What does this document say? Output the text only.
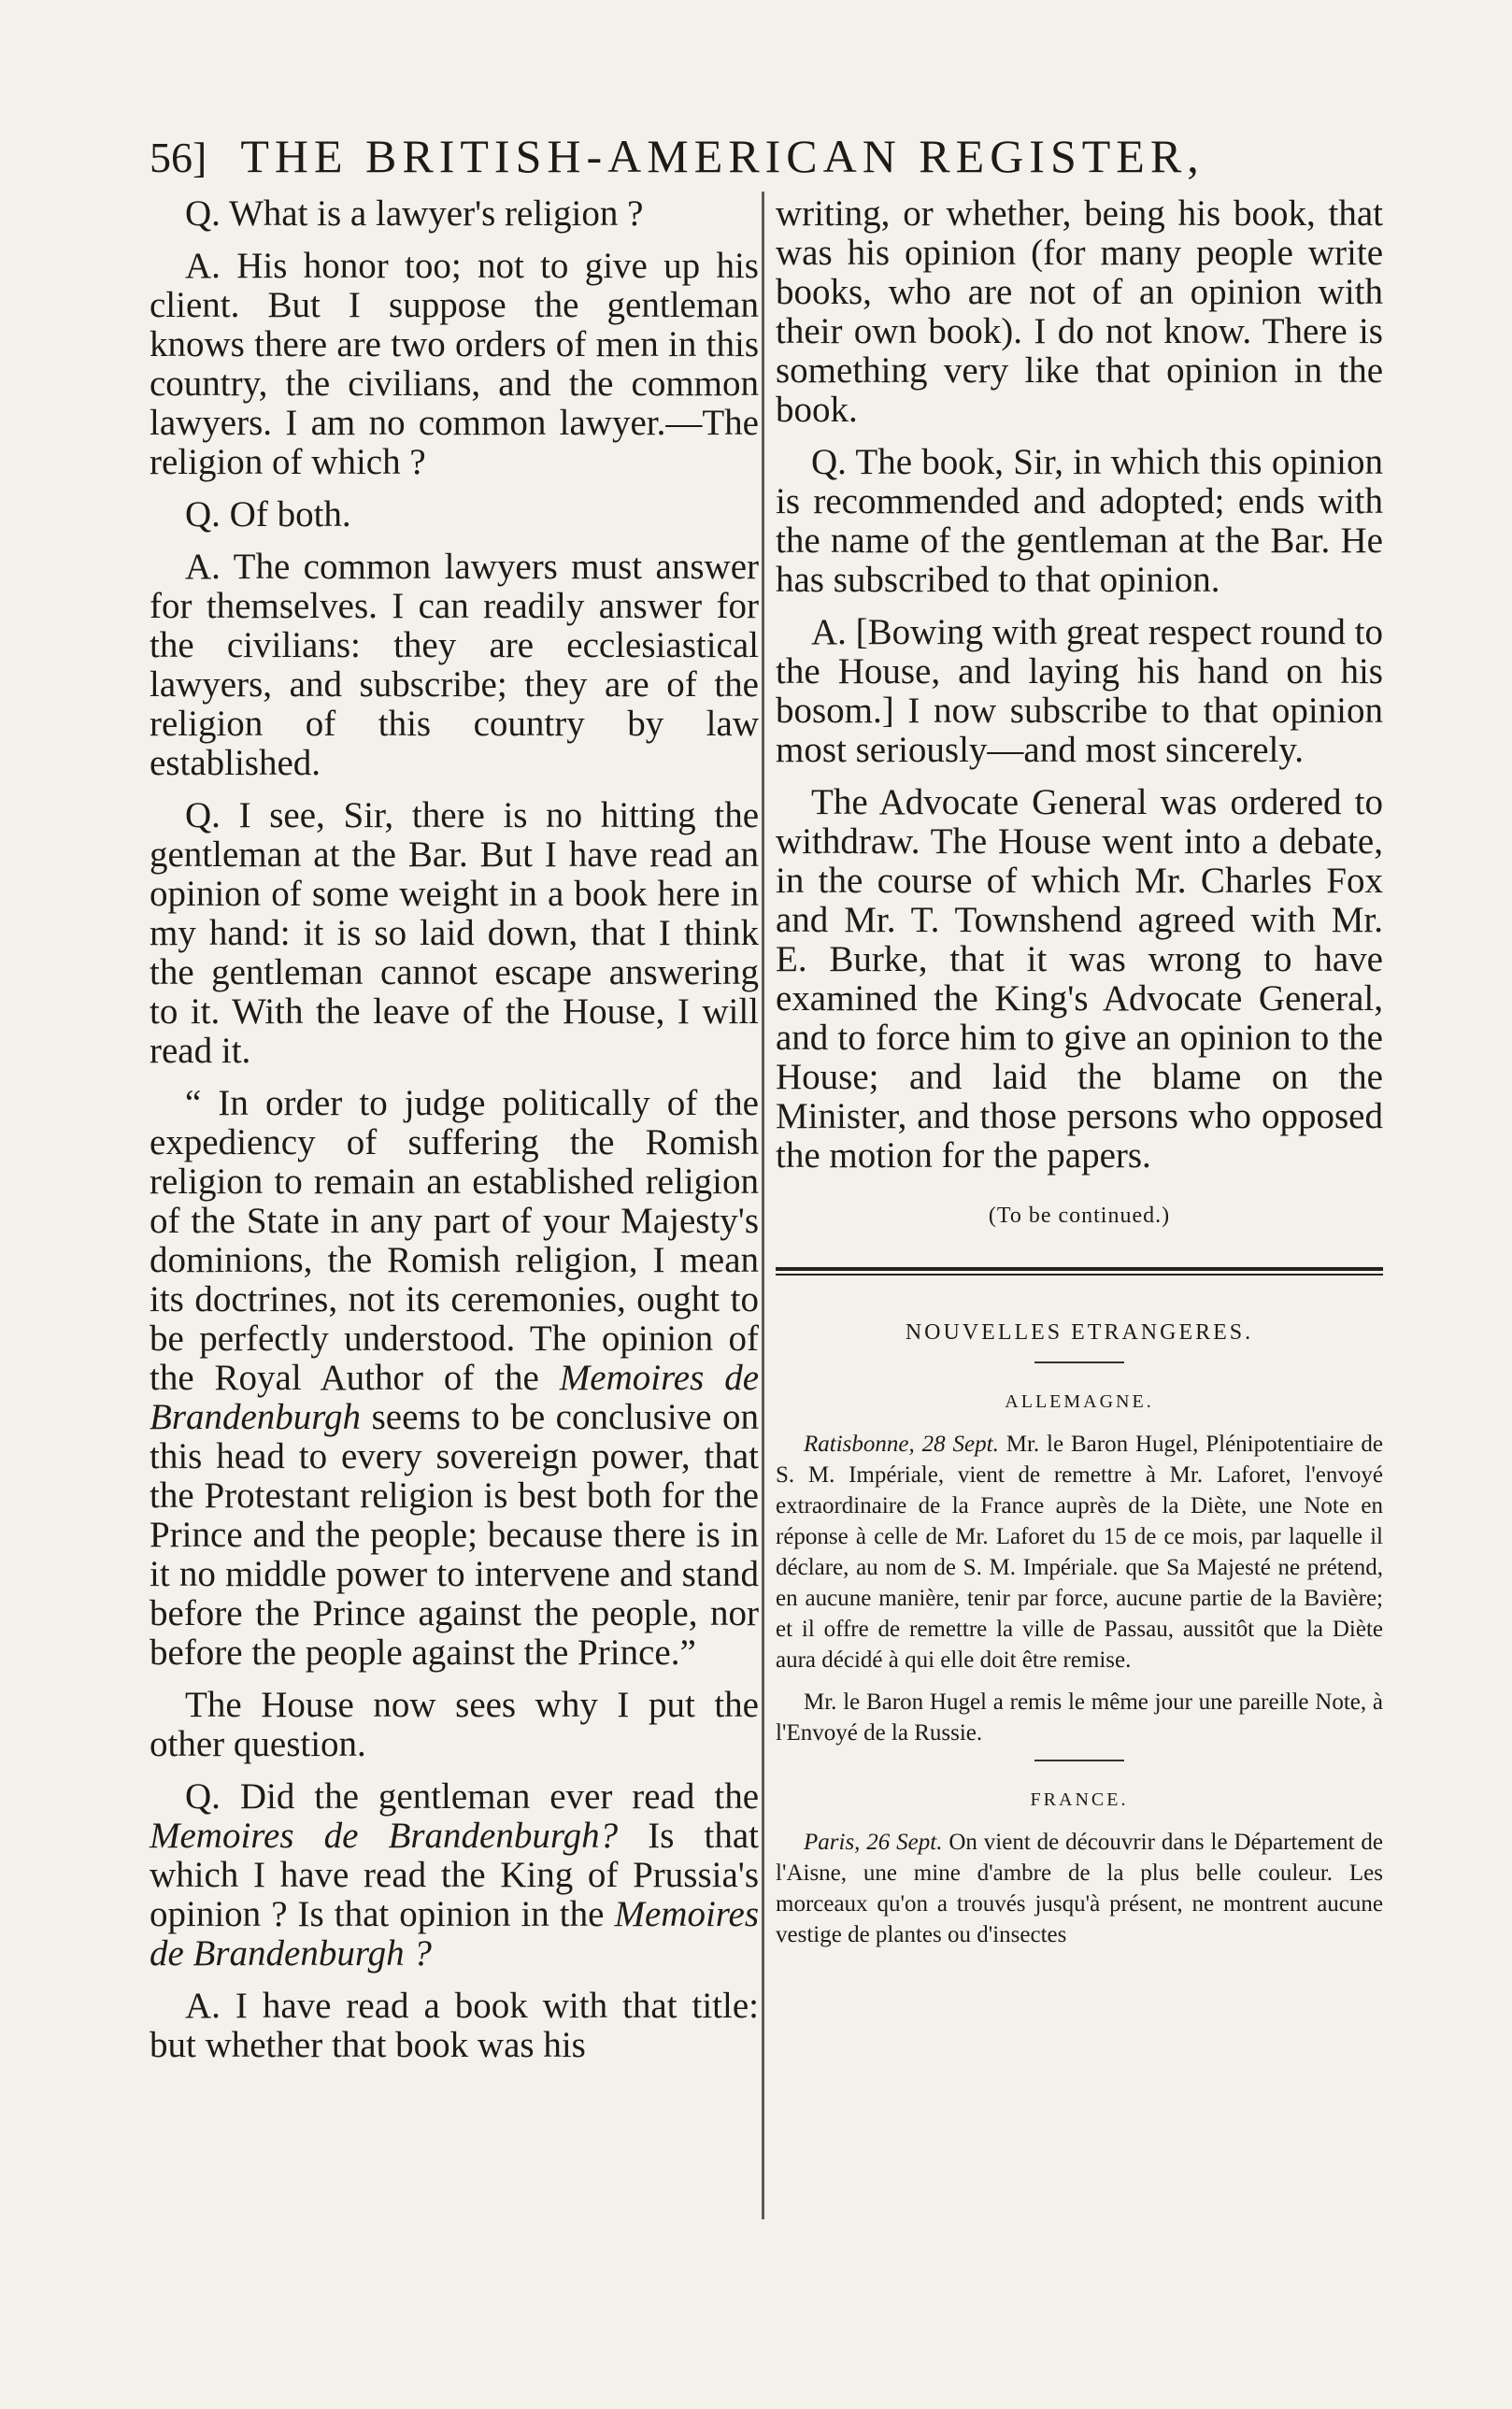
56] THE BRITISH-AMERICAN REGISTER,

Q. What is a lawyer's religion ?

A. His honor too; not to give up his client. But I suppose the gentleman knows there are two orders of men in this country, the civilians, and the common lawyers. I am no common lawyer.—The religion of which ?

Q. Of both.

A. The common lawyers must answer for themselves. I can readily answer for the civilians: they are ecclesiastical lawyers, and subscribe; they are of the religion of this country by law established.

Q. I see, Sir, there is no hitting the gentleman at the Bar. But I have read an opinion of some weight in a book here in my hand: it is so laid down, that I think the gentleman cannot escape answering to it. With the leave of the House, I will read it.

“ In order to judge politically of the expediency of suffering the Romish religion to remain an established religion of the State in any part of your Majesty's dominions, the Romish religion, I mean its doctrines, not its ceremonies, ought to be perfectly understood. The opinion of the Royal Author of the Memoires de Brandenburgh seems to be conclusive on this head to every sovereign power, that the Protestant religion is best both for the Prince and the people; because there is in it no middle power to intervene and stand before the Prince against the people, nor before the people against the Prince.”

The House now sees why I put the other question.

Q. Did the gentleman ever read the Memoires de Brandenburgh? Is that which I have read the King of Prussia's opinion ? Is that opinion in the Memoires de Brandenburgh ?

A. I have read a book with that title: but whether that book was his

writing, or whether, being his book, that was his opinion (for many people write books, who are not of an opinion with their own book). I do not know. There is something very like that opinion in the book.

Q. The book, Sir, in which this opinion is recommended and adopted; ends with the name of the gentleman at the Bar. He has subscribed to that opinion.

A. [Bowing with great respect round to the House, and laying his hand on his bosom.] I now subscribe to that opinion most seriously—and most sincerely.

The Advocate General was ordered to withdraw. The House went into a debate, in the course of which Mr. Charles Fox and Mr. T. Townshend agreed with Mr. E. Burke, that it was wrong to have examined the King's Advocate General, and to force him to give an opinion to the House; and laid the blame on the Minister, and those persons who opposed the motion for the papers.

(To be continued.)
NOUVELLES ETRANGERES.
ALLEMAGNE.

Ratisbonne, 28 Sept. Mr. le Baron Hugel, Plénipotentiaire de S. M. Impériale, vient de remettre à Mr. Laforet, l'envoyé extraordinaire de la France auprès de la Diète, une Note en réponse à celle de Mr. Laforet du 15 de ce mois, par laquelle il déclare, au nom de S. M. Impériale. que Sa Majesté ne prétend, en aucune manière, tenir par force, aucune partie de la Bavière; et il offre de remettre la ville de Passau, aussitôt que la Diète aura décidé à qui elle doit être remise.

Mr. le Baron Hugel a remis le même jour une pareille Note, à l'Envoyé de la Russie.

FRANCE.

Paris, 26 Sept. On vient de découvrir dans le Département de l'Aisne, une mine d'ambre de la plus belle couleur. Les morceaux qu'on a trouvés jusqu'à présent, ne montrent aucune vestige de plantes ou d'insectes
